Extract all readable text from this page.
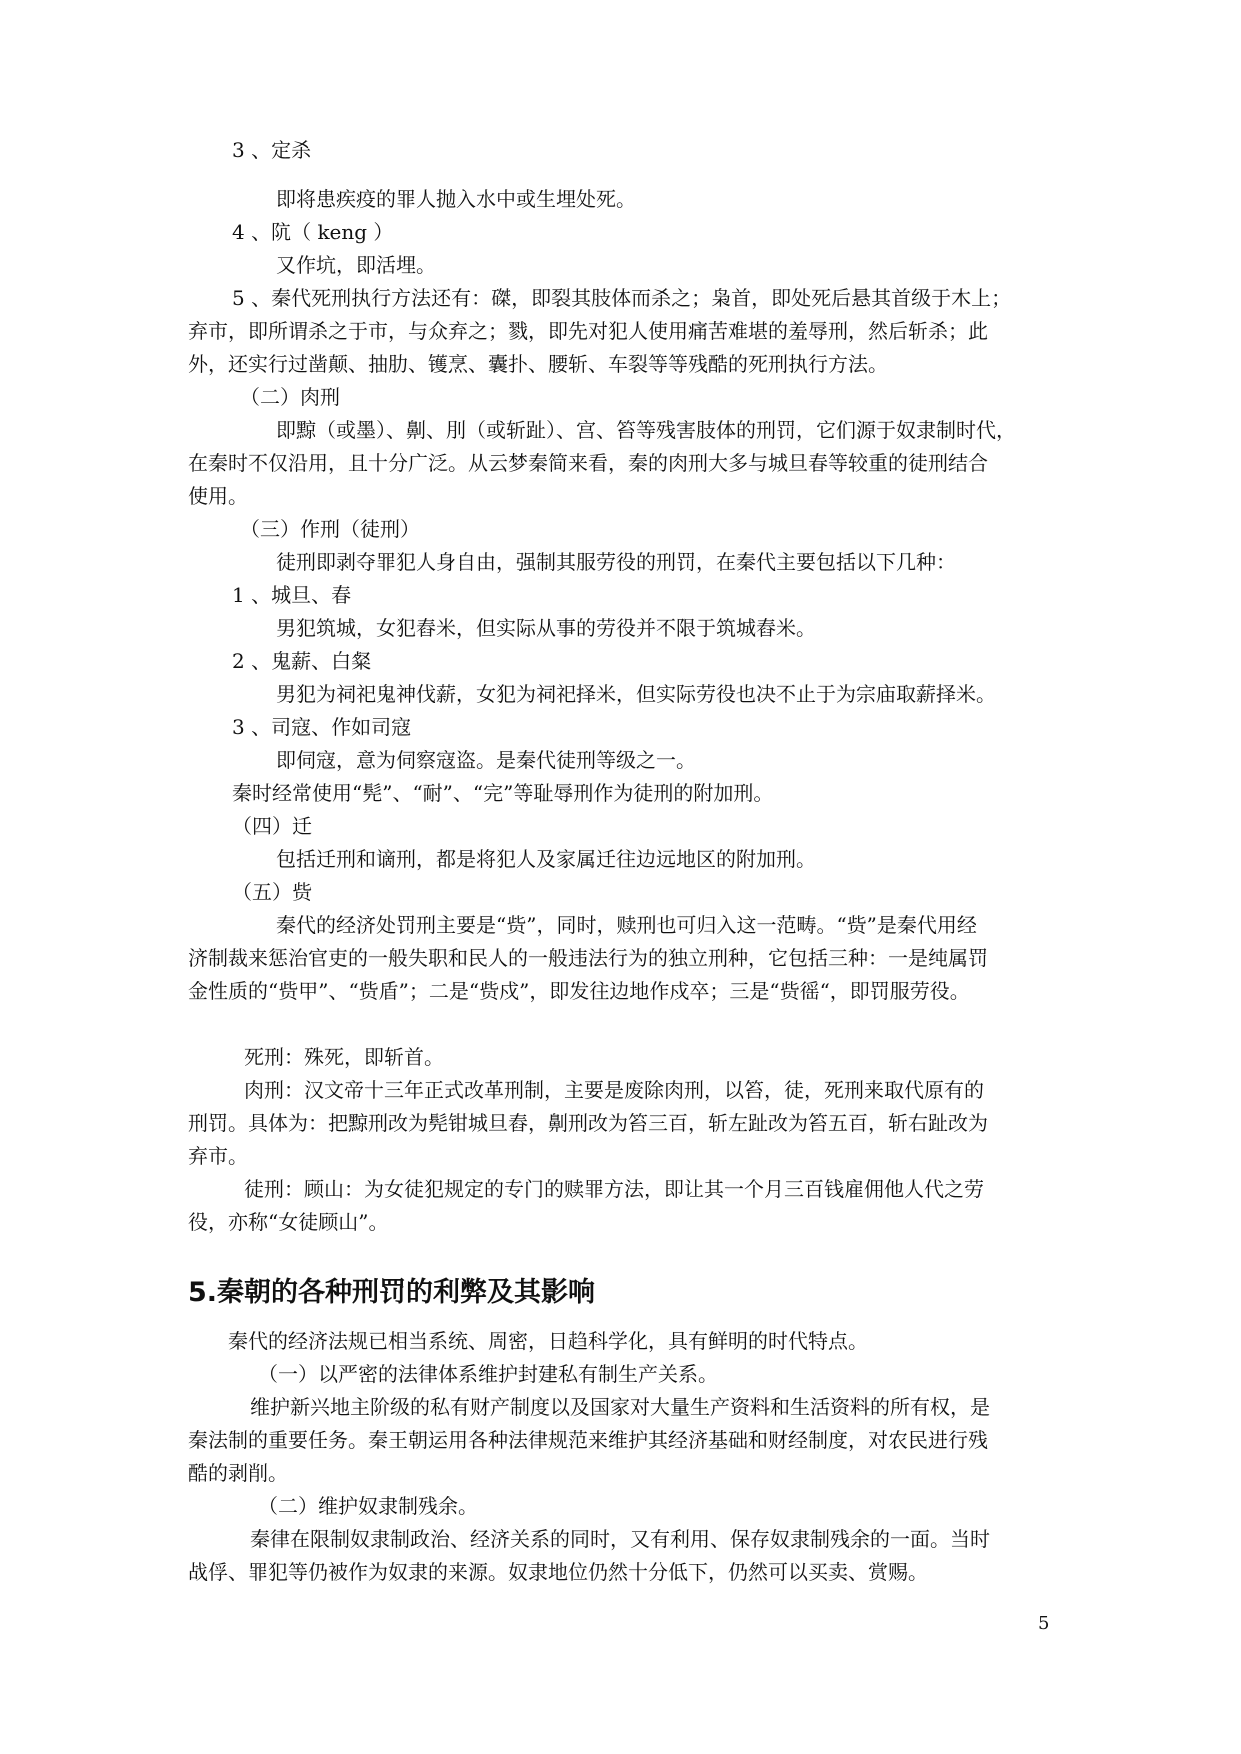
3 、定杀
即将患疾疫的罪人抛入水中或生埋处死。
4 、阬（ keng ）
又作坑，即活埋。
5 、秦代死刑执行方法还有：磔，即裂其肢体而杀之；枭首，即处死后悬其首级于木上；
弃市，即所谓杀之于市，与众弃之；戮，即先对犯人使用痛苦难堪的羞辱刑，然后斩杀；此
外，还实行过凿颠、抽肋、镬烹、囊扑、腰斩、车裂等等残酷的死刑执行方法。
（二）肉刑
即黥（或墨）、劓、刖（或斩趾）、宫、笞等残害肢体的刑罚，它们源于奴隶制时代，
在秦时不仅沿用，且十分广泛。从云梦秦简来看，秦的肉刑大多与城旦春等较重的徒刑结合
使用。
（三）作刑（徒刑）
徒刑即剥夺罪犯人身自由，强制其服劳役的刑罚，在秦代主要包括以下几种：
1 、城旦、春
男犯筑城，女犯舂米，但实际从事的劳役并不限于筑城舂米。
2 、鬼薪、白粲
男犯为祠祀鬼神伐薪，女犯为祠祀择米，但实际劳役也决不止于为宗庙取薪择米。
3 、司寇、作如司寇
即伺寇，意为伺察寇盗。是秦代徒刑等级之一。
秦时经常使用“髡”、“耐”、“完”等耻辱刑作为徒刑的附加刑。
（四）迁
包括迁刑和谪刑，都是将犯人及家属迁往边远地区的附加刑。
（五）赀
秦代的经济处罚刑主要是“赀”，同时，赎刑也可归入这一范畴。“赀”是秦代用经
济制裁来惩治官吏的一般失职和民人的一般违法行为的独立刑种，它包括三种：一是纯属罚
金性质的“赀甲”、“赀盾”；二是“赀戍”，即发往边地作戍卒；三是“赀徭“，即罚服劳役。
死刑：殊死，即斩首。
肉刑：汉文帝十三年正式改革刑制，主要是废除肉刑，以笞，徒，死刑来取代原有的
刑罚。具体为：把黥刑改为髡钳城旦舂，劓刑改为笞三百，斩左趾改为笞五百，斩右趾改为
弃市。
徒刑：顾山：为女徒犯规定的专门的赎罪方法，即让其一个月三百钱雇佣他人代之劳
役，亦称“女徒顾山”。
5.秦朝的各种刑罚的利弊及其影响
秦代的经济法规已相当系统、周密，日趋科学化，具有鲜明的时代特点。
（一）以严密的法律体系维护封建私有制生产关系。
维护新兴地主阶级的私有财产制度以及国家对大量生产资料和生活资料的所有权，是
秦法制的重要任务。秦王朝运用各种法律规范来维护其经济基础和财经制度，对农民进行残
酷的剥削。
（二）维护奴隶制残余。
秦律在限制奴隶制政治、经济关系的同时，又有利用、保存奴隶制残余的一面。当时
战俘、罪犯等仍被作为奴隶的来源。奴隶地位仍然十分低下，仍然可以买卖、赏赐。
5
